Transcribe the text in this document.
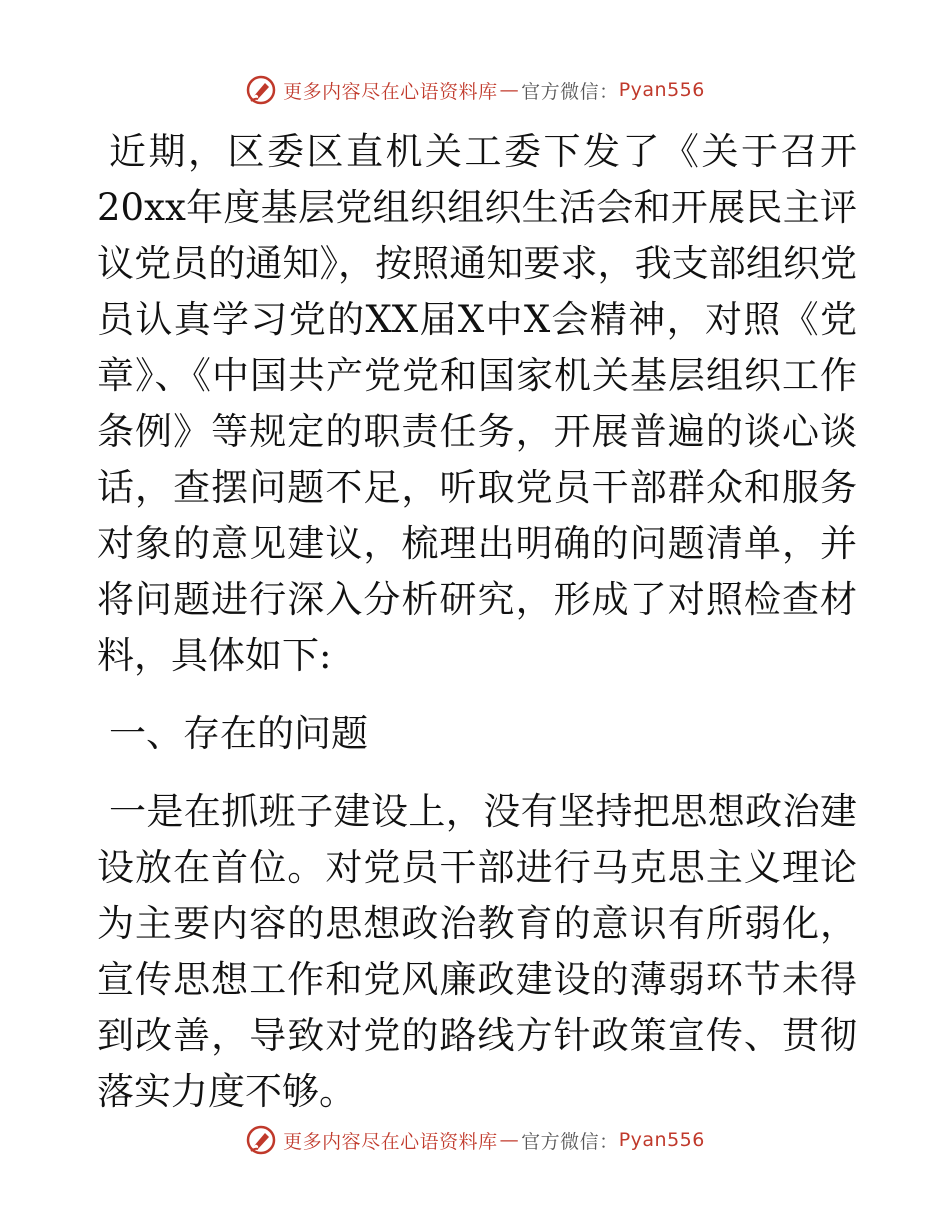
更多内容尽在心语资料库 — 官方微信： Pyan556

近期，区委区直机关工委下发了《关于召开20xx年度基层党组织组织生活会和开展民主评议党员的通知》，按照通知要求，我支部组织党员认真学习党的XX届X中X会精神，对照《党章》、《中国共产党党和国家机关基层组织工作条例》等规定的职责任务，开展普遍的谈心谈话，查摆问题不足，听取党员干部群众和服务对象的意见建议，梳理出明确的问题清单，并将问题进行深入分析研究，形成了对照检查材料，具体如下:

一、存在的问题

一是在抓班子建设上，没有坚持把思想政治建设放在首位。对党员干部进行马克思主义理论为主要内容的思想政治教育的意识有所弱化，宣传思想工作和党风廉政建设的薄弱环节未得到改善，导致对党的路线方针政策宣传、贯彻落实力度不够。

更多内容尽在心语资料库 — 官方微信： Pyan556
